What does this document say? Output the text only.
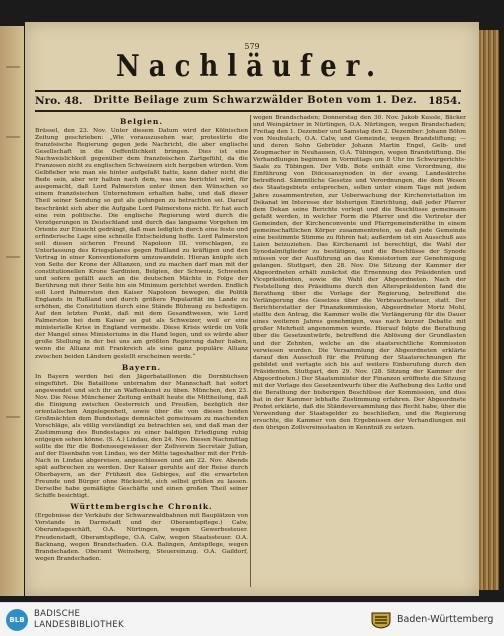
579
Nachläufer.
Nro. 48. Dritte Beilage zum Schwarzwälder Boten vom 1. Dez. 1854.
Belgien.

Brüssel, den 23. Nov. Unter diesem Datum wird der Kölnischen Zeitung geschrieben: „Wie vorauszusehen war, protestirte die französische Regierung gegen jede Nachricht, die aber englische Gesellschaft in die Oeffentlichkeit bringen. Dies ist eine Nachweislichkeit gegenüber dem französischen Zartgefühl, da die Franzosen nicht zu englischen Schweizern sich hergeben würden. Vom Gelbfieber wie man sie hinter aufgefaßt hatte, kann daher nicht die Rede sein, aber wir halten nach dem, was uns berichtet wird, für ausgemacht, daß Lord Palmerston unter ihnen den Wünschen so einem französischen Unternehmen erhalten habe, und daß dieser Theil seiner Sendung so gut als gelungen zu betrachten sei. Darauf beschränkt sich aber die Aufgabe Lord Palmerstons nicht. Er hat auch eine rein politische. Die englische Regierung wird durch die Verzögerungen in Deutschland und durch das langsame Vorgehen im Oriente zur Einsicht gedrängt, daß man lediglich durch eine feste und erfinderische Lage eine schnelle Entscheidung hoffe. Lord Palmerston soll diesen sicheren Freund Napoleon III. vorschlagen, zu Unterlassung des Kriegsplanes gegen Rußland zu kräftigen und den Vertrag in einer Konventionsform umzuwandeln. Hieran knüpfe sich von Seite der Krone der Allianzen, und zu machen darf man mit der constitutionellen Krone Sardinien, Belgien, der Schweiz, Schweden und sofern gefällt auch an die deutschen Mächte in Folge der Berührung mit ihrer Seite hin ein Minimum gerichtet werden. Endlich soll Lord Palmerston den Kaiser Napoleon bewegen, die Politik Englands in Rußland und durch größere Popularität im Lande zu erhöhen, die Constitution durch eine Stände Bühnung zu befestigen. Auf den letzten Punkt, daß mit dem Gesandtwesen, wie Lord Palmerston bei dem Kaiser so gut als Schweizer, weil er eine ministerielle Krise in England vermeide. Diese Krisis würde im Volk der Mangel eines Ministeriums in die Hand legen, und es würde aber große Stellung in der bei uns am größten Regierung daher haben, wenn die Allianz mit Frankreich als eine ganz populäre Allianz zwischen beiden Ländern gestellt erscheinen werde.“

Bayern.

In Bayern werden bei den Jägerbataillonen die Dornbüchsen eingeführt. Die Bataillone unternahm der Mannschaft hat sofort angewendet und sich ihr an Waffenkunst zu üben. München, den 23. Nov. Die Neue Münchener Zeitung enthält heute die Mittheilung, daß die Einigung zwischen Oesterreich und Preußen, bezüglich der orientalischen Angelegenheit, sowie über die von diesen beiden Großmächten dem Bundestage demnächst gemeinsam zu machenden Vorschläge, als völlig verständigt zu betrachten sei, und daß man der Zustimmung des Bundestages zu einer baldigen Erledigung ruhig entgegen sehen könne. (S. A.) Lindau, den 24. Nov. Diesen Nachmittag sollte die für die Bodenseegewässer der Zollverein Secretair Julian, auf der Eisenbahn von Lindau, wo der Mitte tageshalber mit der Früh-Nach in Lindau abgereisen, angeschlossen und am 22. Nov. Abends spät aufbrechen zu werden. Der Kaiser geruhte auf der Reise durch Oberbayern, an der Frühzeit des Gebirges, auf die erwarteten Freunde und Bürger ohne Rücksicht, sich selbst grüßen zu lassen. Derselbe habe gemäßigte Geschäfte und einen großen Theil seiner Schiffe besichtigt.

Württembergische Chronik.

(Ergebnisse der Verkäufe der Schwarzwaldbahnen mit Bauplätzen von Vorstande in Darmstadt und der Oberamtspflege.) Calw, Oberamtsgeschäft, O.A. Nürtingen, wegen Gewerbesteuer. Freudenstadt, Oberamtspflege, O.A. Calw, wegen Staatssteuer. O.A. Backnang, wegen Brandschaden. O.A. Balingen, Amtspflege, wegen Brandschaden. Oberamt Weinsberg, Steuereinzug. O.A. Gaildorf, wegen Brandschaden.

wegen Brandschaden; Donnerstag den 30. Nov. Jakob Kussle, Bäcker und Weingärtner in Nürtingen, O.A. Nürtingen, wegen Brandschaden; Freitag den 1. Dezember und Samstag den 2. Dezember: Johann Böhm von Neubulach, O.A. Calw, und Gemeinde, wegen Brandstiftung; — und deren Sohn Gebrüder Johann Martin Engel, Gelb- und Zeugmacher in Neuhausen, O.A. Tübingen, wegen Brandstiftung. Die Verhandlungen beginnen in Vormittags um 8 Uhr im Schwurgerichts-Saale zu Tübingen. Der Vdb. Bote enthält eine Verordnung, die Einführung von Diöcesansynoden in der evang. Landeskirche betreffend. Sämmtliche Gesetze und Verordnungen, die dem Wesen des Staatsgebiets entsprechen, sollen unter einem Tage mit jedem Jahre zusammentreten, zur Ueberwachung der Kirchenvisitation im Dekanat im Interesse der bisherigen Einrichtung, daß jeder Pfarrer dem Dekan seine Berichte vorlegt und die Beschlüsse gemeinsam gefaßt werden, in welcher Form die Pfarrer und die Vertreter der Gemeinden, der Kirchenconvente und Pfarrgemeinderäthe in einem gemeinschaftlichen Körper zusammentreten, so daß jede Gemeinde eine bestimmte Stimme zu führen hat; außerdem ist ein Ausschuß aus Laien beizuziehen. Das Kirchenamt ist berechtigt, die Wahl der Synodalmitglieder zu bestätigen, und die Beschlüsse der Synode müssen vor der Ausführung an das Konsistorium zur Genehmigung gelangen. Stuttgart, den 28. Nov. Die Sitzung der Kammer der Abgeordneten erhält zunächst die Ernennung des Präsidenten und Vicepräsidenten, sowie die Wahl der Abgeordneten. Nach der Feststellung des Präsidiums durch den Alterspräsidenten fand die Berathung über die Vorlage der Regierung, betreffend die Verlängerung des Gesetzes über die Verbrauchssteuer, statt. Der Berichterstatter der Finanzkommission, Abgeordneter Moriz Mohl, stellte den Antrag, die Kammer wolle die Verlängerung für die Dauer eines weiteren Jahres genehmigen, was nach kurzer Debatte mit großer Mehrheit angenommen wurde. Hierauf folgte die Berathung über die Gesetzentwürfe, betreffend die Ablösung der Grundlasten und der Zehnten, welche an die staatsrechtliche Kommission verwiesen wurden. Die Versammlung der Abgeordneten erklärte darauf den Ausschuß für die Prüfung der Staatsrechnungen für gebildet und vertagte sich bis auf weitere Einberufung durch den Präsidenten. Stuttgart, den 29. Nov. (28. Sitzung der Kammer der Abgeordneten.) Der Staatsminister der Finanzen eröffnete die Sitzung mit der Vorlage des Gesetzentwurfs über die Aufhebung des Lotto und die Berathung der bisherigen Beschlüsse der Kommission, und dies hat in der Kammer lebhafte Zustimmung erfahren. Der Abgeordnete Probst erklärte, daß die Ständeversammlung das Recht habe, über die Verwendung der Staatsgelder zu beschließen, und die Regierung ersuchte, die Kammer von den Ergebnissen der Verhandlungen mit den übrigen Zollvereinsstaaten in Kenntniß zu setzen.

BLB
BADISCHE
LANDESBIBLIOTHEK	Baden-Württemberg
